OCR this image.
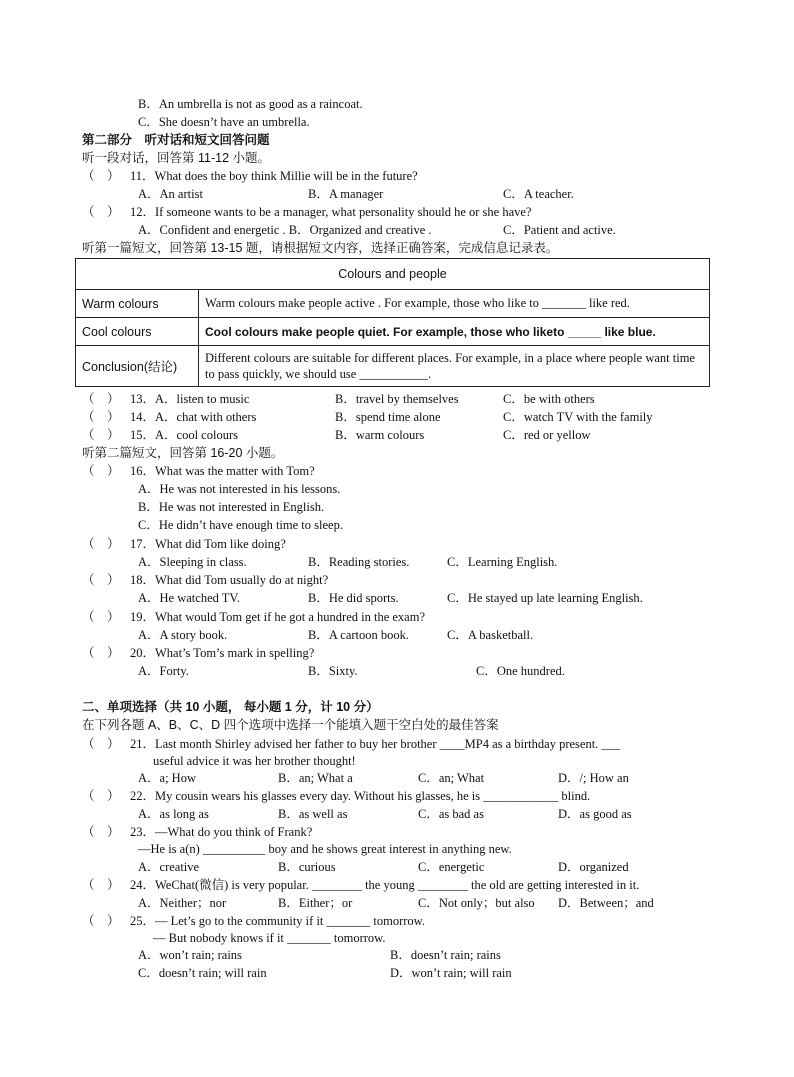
B．An umbrella is not as good as a raincoat.
C．She doesn’t have an umbrella.
第二部分　听对话和短文回答问题
听一段对话，回答第 11-12 小题。
（　） 11．What does the boy think Millie will be in the future?
A．An artist	B．A manager	C．A teacher.
（　） 12．If someone wants to be a manager, what personality should he or she have?
A．Confident and energetic . B．Organized and creative .	C．Patient and active.
听第一篇短文，回答第 13-15 题，请根据短文内容，选择正确答案，完成信息记录表。
Colours and people	
Warm colours	Warm colours make people active . For example, those who like to _______ like red.
Cool colours	Cool colours make people quiet. For example, those who liketo _____ like blue.
Conclusion(结论)	Different colours are suitable for different places. For example, in a place where people want time to pass quickly, we should use ___________.
（　） 13．A．listen to music	B．travel by themselves	C．be with others
（　） 14．A．chat with others	B．spend time alone	C．watch TV with the family
（　） 15．A．cool colours	B．warm colours	C．red or yellow
听第二篇短文，回答第 16-20 小题。
（　） 16．What was the matter with Tom?
A．He was not interested in his lessons.
B．He was not interested in English.
C．He didn’t have enough time to sleep.
（　） 17．What did Tom like doing?
A．Sleeping in class.	B．Reading stories.	C．Learning English.
（　） 18．What did Tom usually do at night?
A．He watched TV.	B．He did sports.	C．He stayed up late learning English.
（　） 19．What would Tom get if he got a hundred in the exam?
A．A story book.	B．A cartoon book.	C．A basketball.
（　） 20．What’s Tom’s mark in spelling?
A．Forty.	B．Sixty.	C．One hundred.
二、单项选择（共 10 小题， 每小题 1 分，计 10 分）
在下列各题 A、B、C、D 四个选项中选择一个能填入题干空白处的最佳答案
（　） 21．Last month Shirley advised her father to buy her brother ____MP4 as a birthday present. ___
useful advice it was her brother thought!
A．a; How	B．an; What a	C．an; What	D．/; How an
（　） 22．My cousin wears his glasses every day. Without his glasses, he is ____________ blind.
A．as long as	B．as well as	C．as bad as	D．as good as
（　） 23．—What do you think of Frank?
—He is a(n) __________ boy and he shows great interest in anything new.
A．creative	B．curious	C．energetic	D．organized
（　） 24．WeChat(微信) is very popular. ________ the young ________ the old are getting interested in it.
A．Neither；nor	B．Either；or	C．Not only；but also D．Between；and
（　） 25．— Let’s go to the community if it _______ tomorrow.
— But nobody knows if it _______ tomorrow.
A．won’t rain; rains	B．doesn’t rain; rains
C．doesn’t rain; will rain	D．won’t rain; will rain
